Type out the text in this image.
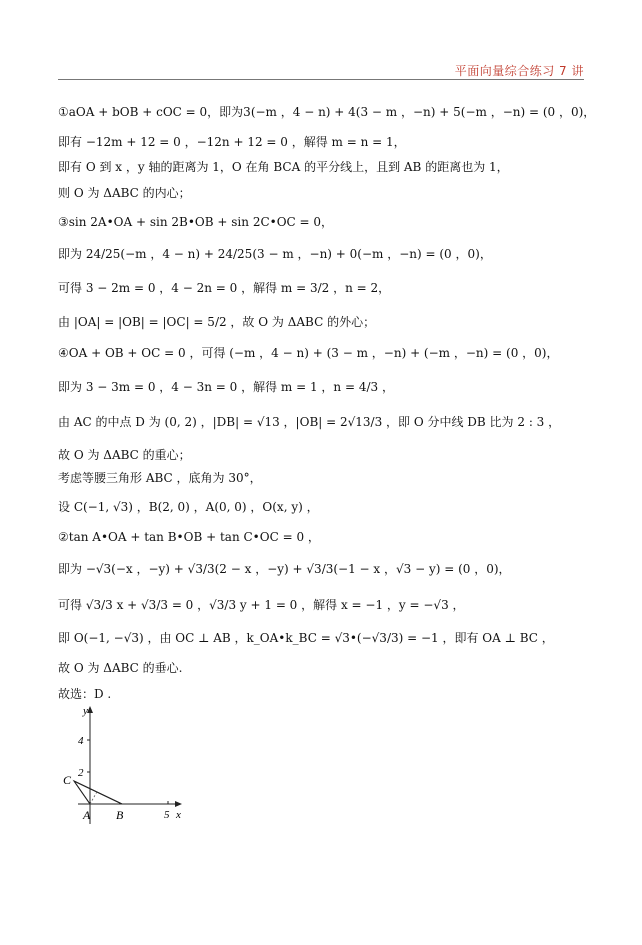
平面向量综合练习 7 讲
①aOA + bOB + cOC = 0，即为3(−m ，4 − n) + 4(3 − m ，−n) + 5(−m ，−n) = (0 ，0)，
即有 −12m + 12 = 0 ，−12n + 12 = 0 ，解得 m = n = 1，
即有 O 到 x ，y 轴的距离为 1，O 在角 BCA 的平分线上，且到 AB 的距离也为 1，
则 O 为 ΔABC 的内心；
③sin 2A•OA + sin 2B•OB + sin 2C•OC = 0，
即为 24/25(−m ，4 − n) + 24/25(3 − m ，−n) + 0(−m ，−n) = (0 ，0)，
可得 3 − 2m = 0 ，4 − 2n = 0 ，解得 m = 3/2 ，n = 2，
由 |OA| = |OB| = |OC| = 5/2 ，故 O 为 ΔABC 的外心；
④OA + OB + OC = 0 ，可得 (−m ，4 − n) + (3 − m ，−n) + (−m ，−n) = (0 ，0)，
即为 3 − 3m = 0 ，4 − 3n = 0 ，解得 m = 1 ，n = 4/3 ，
由 AC 的中点 D 为 (0, 2) ，|DB| = √13 ，|OB| = 2√13/3 ，即 O 分中线 DB 比为 2 : 3 ，
故 O 为 ΔABC 的重心；
考虑等腰三角形 ABC ，底角为 30°，
设 C(−1, √3) ，B(2, 0) ，A(0, 0) ，O(x, y) ，
②tan A•OA + tan B•OB + tan C•OC = 0 ，
即为 −√3(−x ，−y) + √3/3(2 − x ，−y) + √3/3(−1 − x ，√3 − y) = (0 ，0)，
可得 √3/3 x + √3/3 = 0 ，√3/3 y + 1 = 0 ，解得 x = −1 ，y = −√3 ，
即 O(−1, −√3) ，由 OC ⊥ AB ，k_OA•k_BC = √3•(−√3/3) = −1 ，即有 OA ⊥ BC ，
故 O 为 ΔABC 的垂心.
故选：D .
y
x
4
2
5
A B
C
